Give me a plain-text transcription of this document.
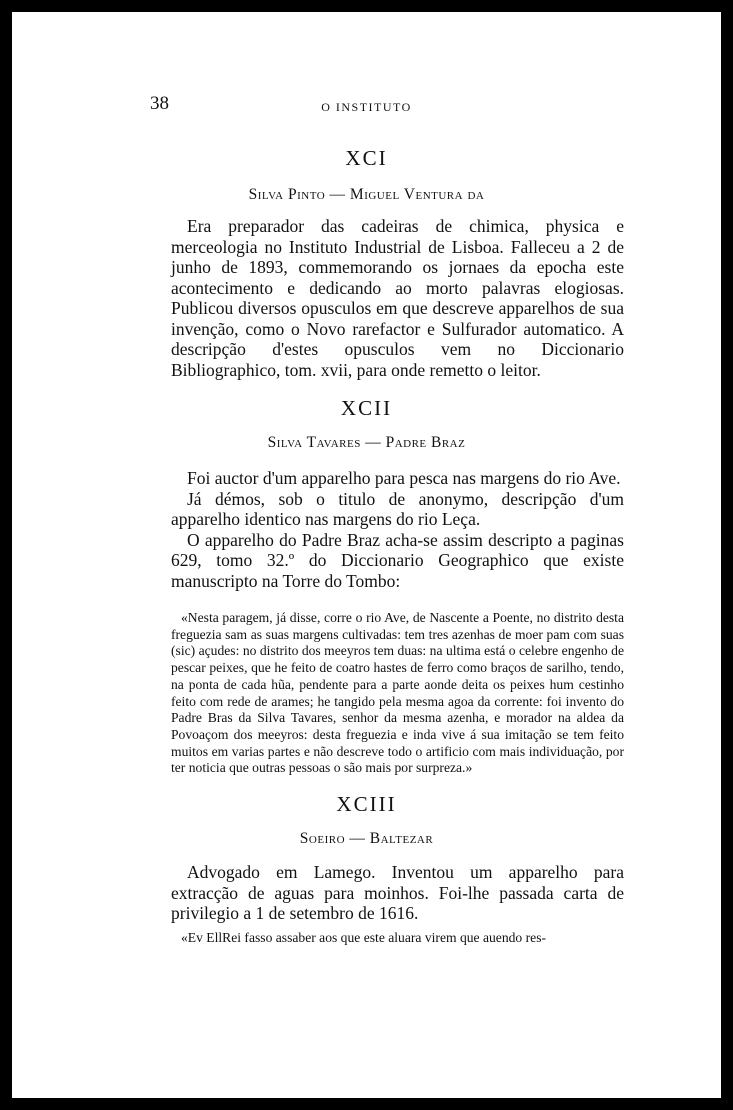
38	O INSTITUTO
XCI
Silva Pinto — Miguel Ventura da

Era preparador das cadeiras de chimica, physica e merceologia no Instituto Industrial de Lisboa. Falleceu a 2 de junho de 1893, commemorando os jornaes da epocha este acontecimento e dedicando ao morto palavras elogiosas. Publicou diversos opusculos em que descreve apparelhos de sua invenção, como o Novo rarefactor e Sulfurador automatico. A descripção d'estes opusculos vem no Diccionario Bibliographico, tom. xvii, para onde remetto o leitor.

XCII
Silva Tavares — Padre Braz

Foi auctor d'um apparelho para pesca nas margens do rio Ave.

Já démos, sob o titulo de anonymo, descripção d'um apparelho identico nas margens do rio Leça.

O apparelho do Padre Braz acha-se assim descripto a paginas 629, tomo 32.º do Diccionario Geographico que existe manuscripto na Torre do Tombo:

«Nesta paragem, já disse, corre o rio Ave, de Nascente a Poente, no distrito desta freguezia sam as suas margens cultivadas: tem tres azenhas de moer pam com suas (sic) açudes: no distrito dos meeyros tem duas: na ultima está o celebre engenho de pescar peixes, que he feito de coatro hastes de ferro como braços de sarilho, tendo, na ponta de cada hũa, pendente para a parte aonde deita os peixes hum cestinho feito com rede de arames; he tangido pela mesma agoa da corrente: foi invento do Padre Bras da Silva Tavares, senhor da mesma azenha, e morador na aldea da Povoaçom dos meeyros: desta freguezia e inda vive á sua imitação se tem feito muitos em varias partes e não descreve todo o artificio com mais individuação, por ter noticia que outras pessoas o são mais por surpreza.»

XCIII
Soeiro — Baltezar

Advogado em Lamego. Inventou um apparelho para extracção de aguas para moinhos. Foi-lhe passada carta de privilegio a 1 de setembro de 1616.

«Ev EllRei fasso assaber aos que este aluara virem que auendo res-
